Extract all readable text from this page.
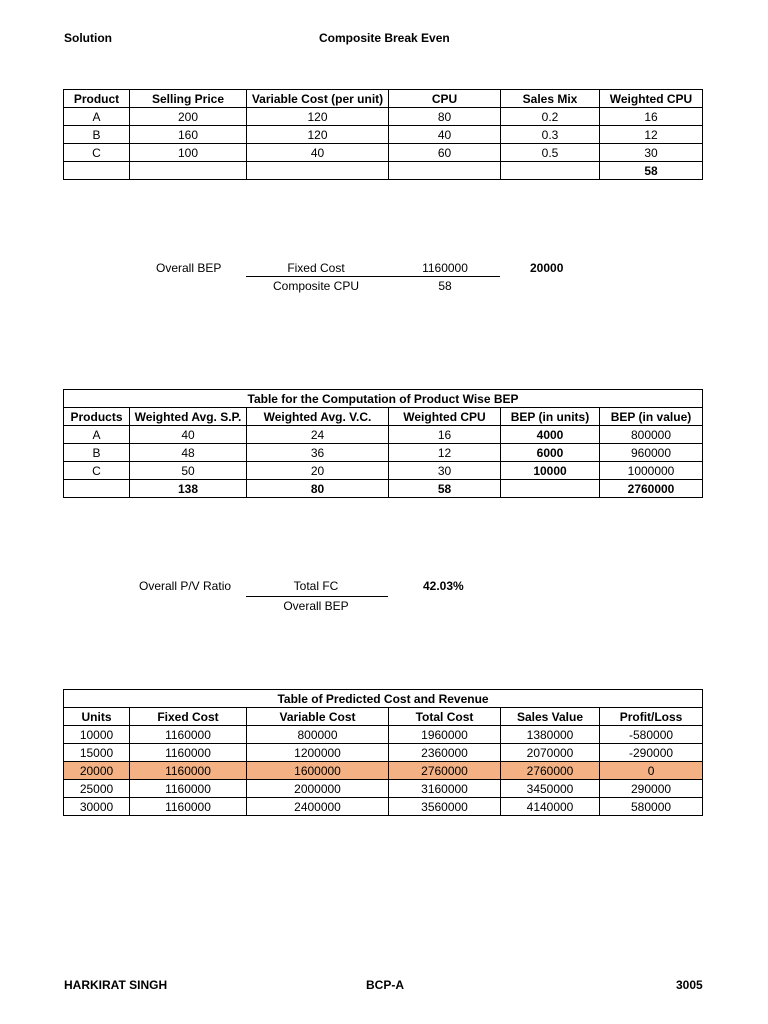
Solution	Composite Break Even
Product	Selling Price	Variable Cost (per unit)	CPU	Sales Mix	Weighted CPU
A	200	120	80	0.2	16
B	160	120	40	0.3	12
C	100	40	60	0.5	30
					58
Overall BEP	Fixed Cost
Composite CPU
1160000
58
20000
Table for the Computation of Product Wise BEP					
Products	Weighted Avg. S.P.	Weighted Avg. V.C.	Weighted CPU	BEP (in units)	BEP (in value)
A	40	24	16	4000	800000
B	48	36	12	6000	960000
C	50	20	30	10000	1000000
	138	80	58		2760000
Overall P/V Ratio	Total FC
Overall BEP
42.03%
Table of Predicted Cost and Revenue					
Units	Fixed Cost	Variable Cost	Total Cost	Sales Value	Profit/Loss
10000	1160000	800000	1960000	1380000	-580000
15000	1160000	1200000	2360000	2070000	-290000
20000	1160000	1600000	2760000	2760000	0
25000	1160000	2000000	3160000	3450000	290000
30000	1160000	2400000	3560000	4140000	580000
HARKIRAT SINGH	BCP-A	3005
